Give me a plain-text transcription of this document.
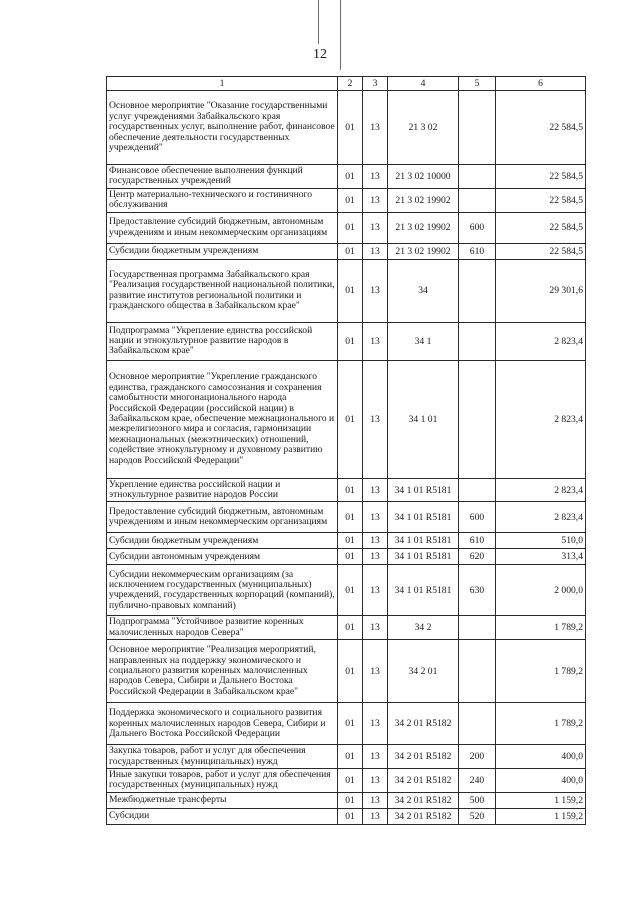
12
1	2	3	4	5	6
Основное мероприятие "Оказание государственными услуг учреждениями Забайкальского края государственных услуг, выполнение работ, финансовое обеспечение деятельности государственных учреждений"	01	13	21 3 02		22 584,5
Финансовое обеспечение выполнения функций государственных учреждений	01	13	21 3 02 10000		22 584,5
Центр материально-технического и гостиничного обслуживания	01	13	21 3 02 19902		22 584,5
Предоставление субсидий бюджетным, автономным учреждениям и иным некоммерческим организациям	01	13	21 3 02 19902	600	22 584,5
Субсидии бюджетным учреждениям	01	13	21 3 02 19902	610	22 584,5
Государственная программа Забайкальского края "Реализация государственной национальной политики, развитие институтов региональной политики и гражданского общества в Забайкальском крае"	01	13	34		29 301,6
Подпрограмма "Укрепление единства российской нации и этнокультурное развитие народов в Забайкальском крае"	01	13	34 1		2 823,4
Основное мероприятие "Укрепление гражданского единства, гражданского самосознания и сохранения самобытности многонационального народа Российской Федерации (российской нации) в Забайкальском крае, обеспечение межнационального и межрелигиозного мира и согласия, гармонизации межнациональных (межэтнических) отношений, содействие этнокультурному и духовному развитию народов Российской Федерации"	01	13	34 1 01		2 823,4
Укрепление единства российской нации и этнокультурное развитие народов России	01	13	34 1 01 R5181		2 823,4
Предоставление субсидий бюджетным, автономным учреждениям и иным некоммерческим организациям	01	13	34 1 01 R5181	600	2 823,4
Субсидии бюджетным учреждениям	01	13	34 1 01 R5181	610	510,0
Субсидии автономным учреждениям	01	13	34 1 01 R5181	620	313,4
Субсидии некоммерческим организациям (за исключением государственных (муниципальных) учреждений, государственных корпораций (компаний), публично-правовых компаний)	01	13	34 1 01 R5181	630	2 000,0
Подпрограмма "Устойчивое развитие коренных малочисленных народов Севера"	01	13	34 2		1 789,2
Основное мероприятие "Реализация мероприятий, направленных на поддержку экономического и социального развития коренных малочисленных народов Севера, Сибири и Дальнего Востока Российской Федерации в Забайкальском крае"	01	13	34 2 01		1 789,2
Поддержка экономического и социального развития коренных малочисленных народов Севера, Сибири и Дальнего Востока Российской Федерации	01	13	34 2 01 R5182		1 789,2
Закупка товаров, работ и услуг для обеспечения государственных (муниципальных) нужд	01	13	34 2 01 R5182	200	400,0
Иные закупки товаров, работ и услуг для обеспечения государственных (муниципальных) нужд	01	13	34 2 01 R5182	240	400,0
Межбюджетные трансферты	01	13	34 2 01 R5182	500	1 159,2
Субсидии	01	13	34 2 01 R5182	520	1 159,2
